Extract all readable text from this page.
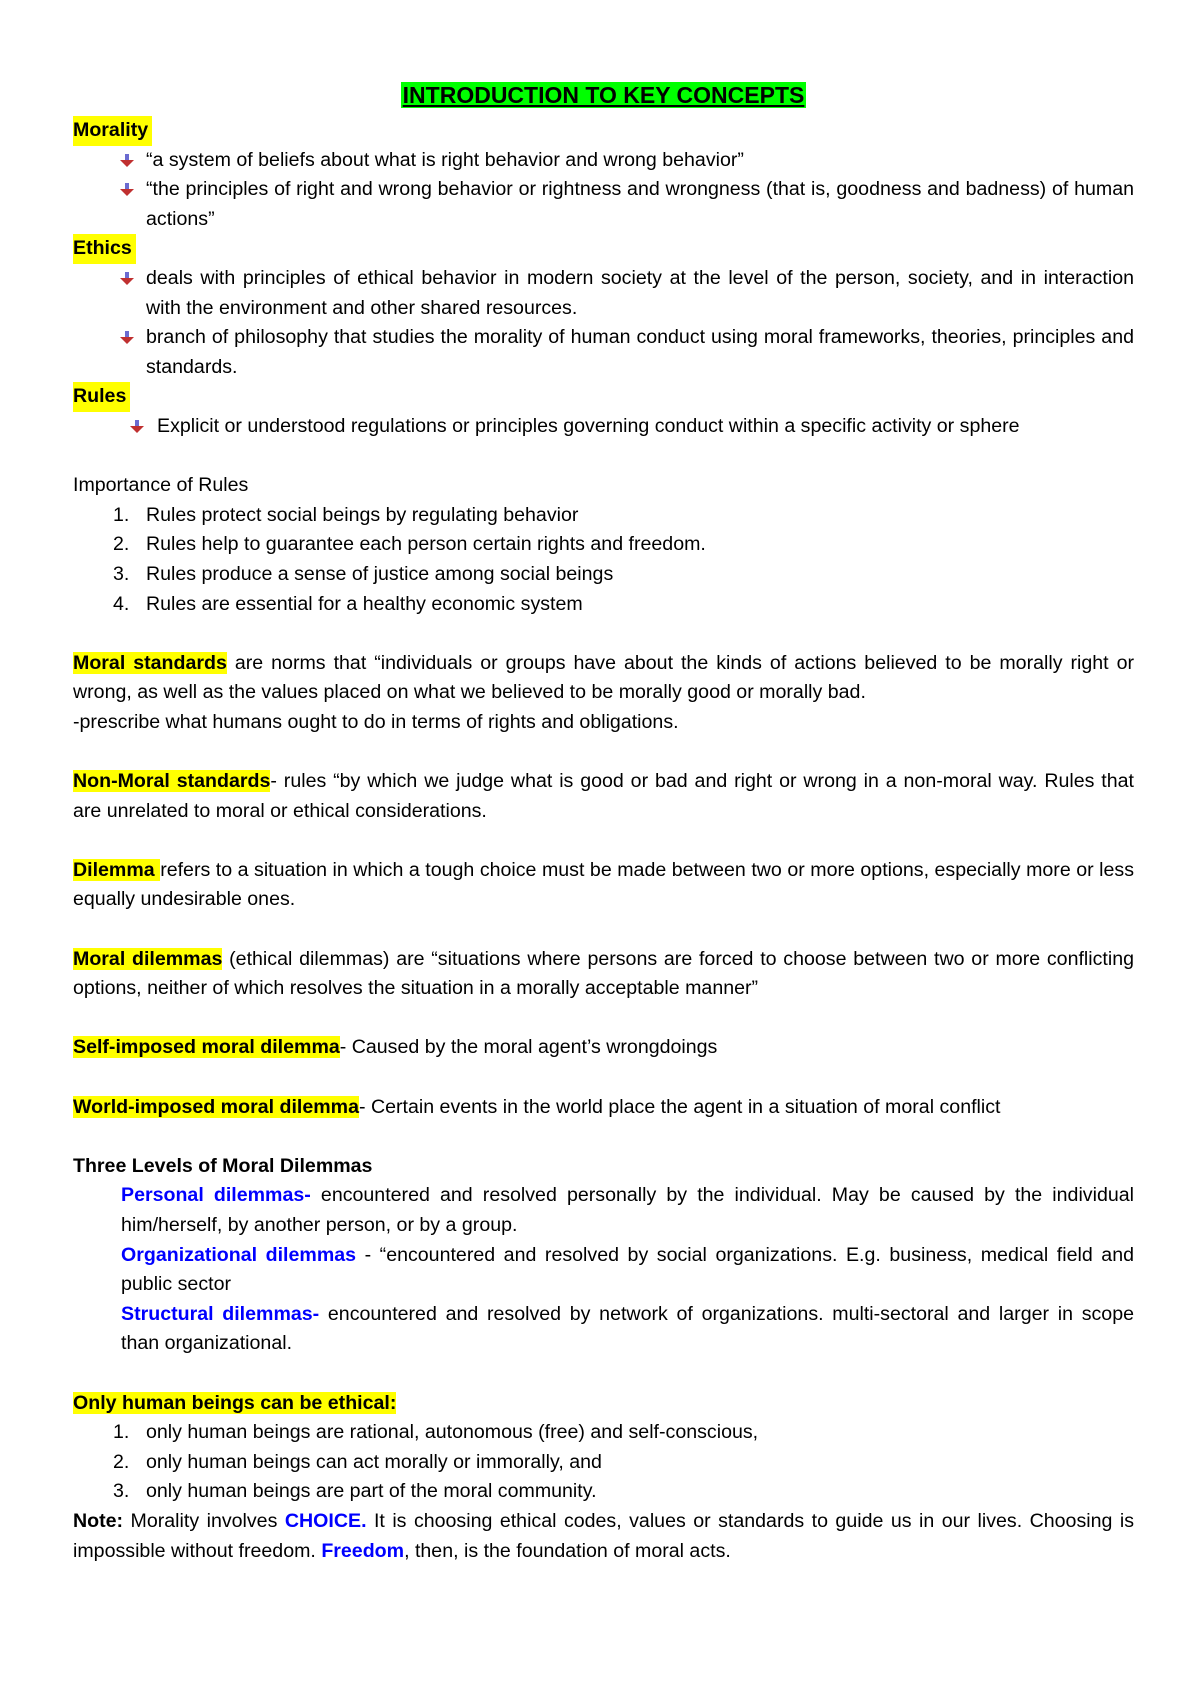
INTRODUCTION TO KEY CONCEPTS
Morality
“a system of beliefs about what is right behavior and wrong behavior”
“the principles of right and wrong behavior or rightness and wrongness (that is, goodness and badness) of human actions”
Ethics
deals with principles of ethical behavior in modern society at the level of the person, society, and in interaction with the environment and other shared resources.
branch of philosophy that studies the morality of human conduct using moral frameworks, theories, principles and standards.
Rules
Explicit or understood regulations or principles governing conduct within a specific activity or sphere
Importance of Rules
1. Rules protect social beings by regulating behavior
2. Rules help to guarantee each person certain rights and freedom.
3. Rules produce a sense of justice among social beings
4. Rules are essential for a healthy economic system
Moral standards are norms that “individuals or groups have about the kinds of actions believed to be morally right or wrong, as well as the values placed on what we believed to be morally good or morally bad.
-prescribe what humans ought to do in terms of rights and obligations.
Non-Moral standards- rules “by which we judge what is good or bad and right or wrong in a non-moral way. Rules that are unrelated to moral or ethical considerations.
Dilemma refers to a situation in which a tough choice must be made between two or more options, especially more or less equally undesirable ones.
Moral dilemmas (ethical dilemmas) are “situations where persons are forced to choose between two or more conflicting options, neither of which resolves the situation in a morally acceptable manner”
Self-imposed moral dilemma- Caused by the moral agent’s wrongdoings
World-imposed moral dilemma- Certain events in the world place the agent in a situation of moral conflict
Three Levels of Moral Dilemmas
Personal dilemmas- encountered and resolved personally by the individual. May be caused by the individual him/herself, by another person, or by a group.
Organizational dilemmas - “encountered and resolved by social organizations. E.g. business, medical field and public sector
Structural dilemmas- encountered and resolved by network of organizations. multi-sectoral and larger in scope than organizational.
Only human beings can be ethical:
1. only human beings are rational, autonomous (free) and self-conscious,
2. only human beings can act morally or immorally, and
3. only human beings are part of the moral community.
Note: Morality involves CHOICE. It is choosing ethical codes, values or standards to guide us in our lives. Choosing is impossible without freedom. Freedom, then, is the foundation of moral acts.
